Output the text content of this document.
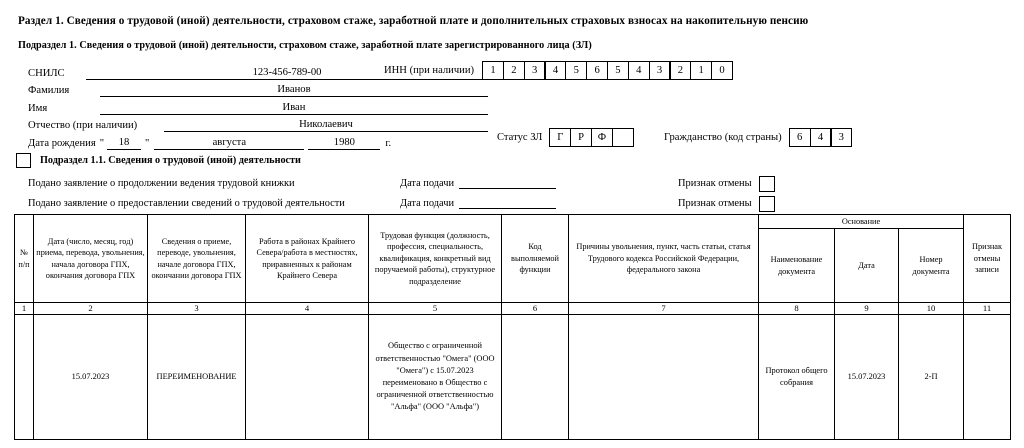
Раздел 1. Сведения о трудовой (иной) деятельности, страховом стаже, заработной плате и дополнительных страховых взносах на накопительную пенсию
Подраздел 1. Сведения о трудовой (иной) деятельности, страховом стаже, заработной плате зарегистрированного лица (ЗЛ)
СНИЛС	123-456-789-00
Фамилия	Иванов
Имя	Иван
Отчество (при наличии)	Николаевич
Дата рождения "	18	"	августа	1980	г.
ИНН (при наличии)	1	2	3	4	5	6	5	4	3	2	1	0
Статус ЗЛ	Г	Р	Ф	Гражданство (код страны)	6	4	3
Подраздел 1.1. Сведения о трудовой (иной) деятельности
Подано заявление о продолжении ведения трудовой книжки	Дата подачи	Признак отмены
Подано заявление о предоставлении сведений о трудовой деятельности	Дата подачи	Признак отмены
№ п/п	Дата (число, месяц, год) приема, перевода, увольнения, начала договора ГПХ, окончания договора ГПХ	Сведения о приеме, переводе, увольнения, начале договора ГПХ, окончании договора ГПХ	Работа в районах Крайнего Севера/работа в местностях, приравненных к районам Крайнего Севера	Трудовая функция (должность, профессия, специальность, квалификация, конкретный вид поручаемой работы), структурное подразделение	Код выполняемой функции	Причины увольнения, пункт, часть статьи, статья Трудового кодекса Российской Федерации, федерального закона	Основание			Признак отмены записи
							Наименование документа	Дата	Номер документа	
1	2	3	4	5	6	7	8	9	10	11
	15.07.2023	ПЕРЕИМЕНОВАНИЕ		Общество с ограниченной ответственностью "Омега" (ООО "Омега") с 15.07.2023 переименовано в Общество с ограниченной ответственностью "Альфа" (ООО "Альфа")			Протокол общего собрания	15.07.2023	2-П	
